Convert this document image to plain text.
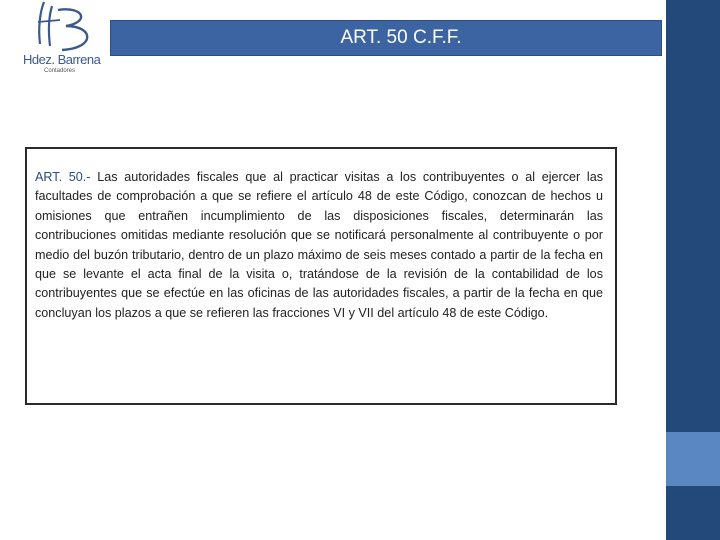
Hdez. Barrena
Contadores
ART. 50 C.F.F.

ART. 50.- Las autoridades fiscales que al practicar visitas a los contribuyentes o al ejercer las facultades de comprobación a que se refiere el artículo 48 de este Código, conozcan de hechos u omisiones que entrañen incumplimiento de las disposiciones fiscales, determinarán las contribuciones omitidas mediante resolución que se notificará personalmente al contribuyente o por medio del buzón tributario, dentro de un plazo máximo de seis meses contado a partir de la fecha en que se levante el acta final de la visita o, tratándose de la revisión de la contabilidad de los contribuyentes que se efectúe en las oficinas de las autoridades fiscales, a partir de la fecha en que concluyan los plazos a que se refieren las fracciones VI y VII del artículo 48 de este Código.
